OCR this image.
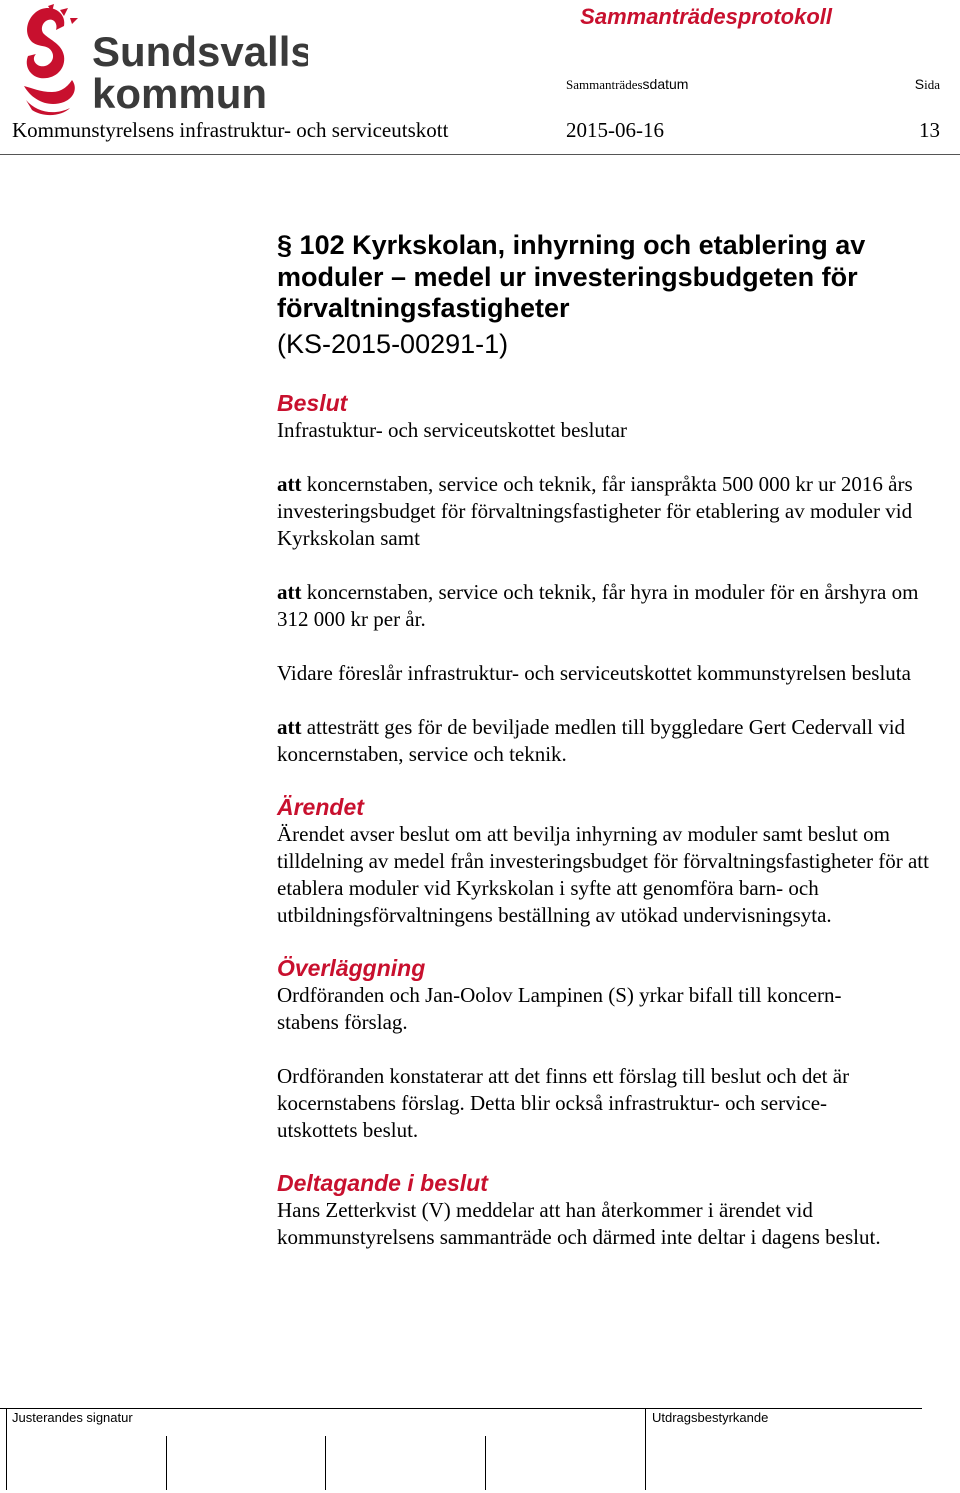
Sundsvalls
kommun
Sammanträdesprotokoll
Sammanträdessdatum	Sida
Kommunstyrelsens infrastruktur- och serviceutskott	2015-06-16	13
§ 102 Kyrkskolan, inhyrning och etablering av moduler – medel ur investeringsbudgeten för förvaltningsfastigheter
(KS-2015-00291-1)
Beslut

Infrastuktur- och serviceutskottet beslutar

att koncernstaben, service och teknik, får ianspråkta 500 000 kr ur 2016 års investeringsbudget för förvaltningsfastigheter för etablering av moduler vid Kyrkskolan samt

att koncernstaben, service och teknik, får hyra in moduler för en årshyra om 312 000 kr per år.

Vidare föreslår infrastruktur- och serviceutskottet kommunstyrelsen besluta

att attesträtt ges för de beviljade medlen till byggledare Gert Cedervall vid koncernstaben, service och teknik.

Ärendet

Ärendet avser beslut om att bevilja inhyrning av moduler samt beslut om tilldelning av medel från investeringsbudget för förvaltningsfastigheter för att etablera moduler vid Kyrkskolan i syfte att genomföra barn- och utbildningsförvaltningens beställning av utökad undervisningsyta.

Överläggning

Ordföranden och Jan-Oolov Lampinen (S) yrkar bifall till koncern-
stabens förslag.

Ordföranden konstaterar att det finns ett förslag till beslut och det är
kocernstabens förslag. Detta blir också infrastruktur- och service-
utskottets beslut.

Deltagande i beslut

Hans Zetterkvist (V) meddelar att han återkommer i ärendet vid kommunstyrelsens sammanträde och därmed inte deltar i dagens beslut.

Justerandes signatur	Utdragsbestyrkande
